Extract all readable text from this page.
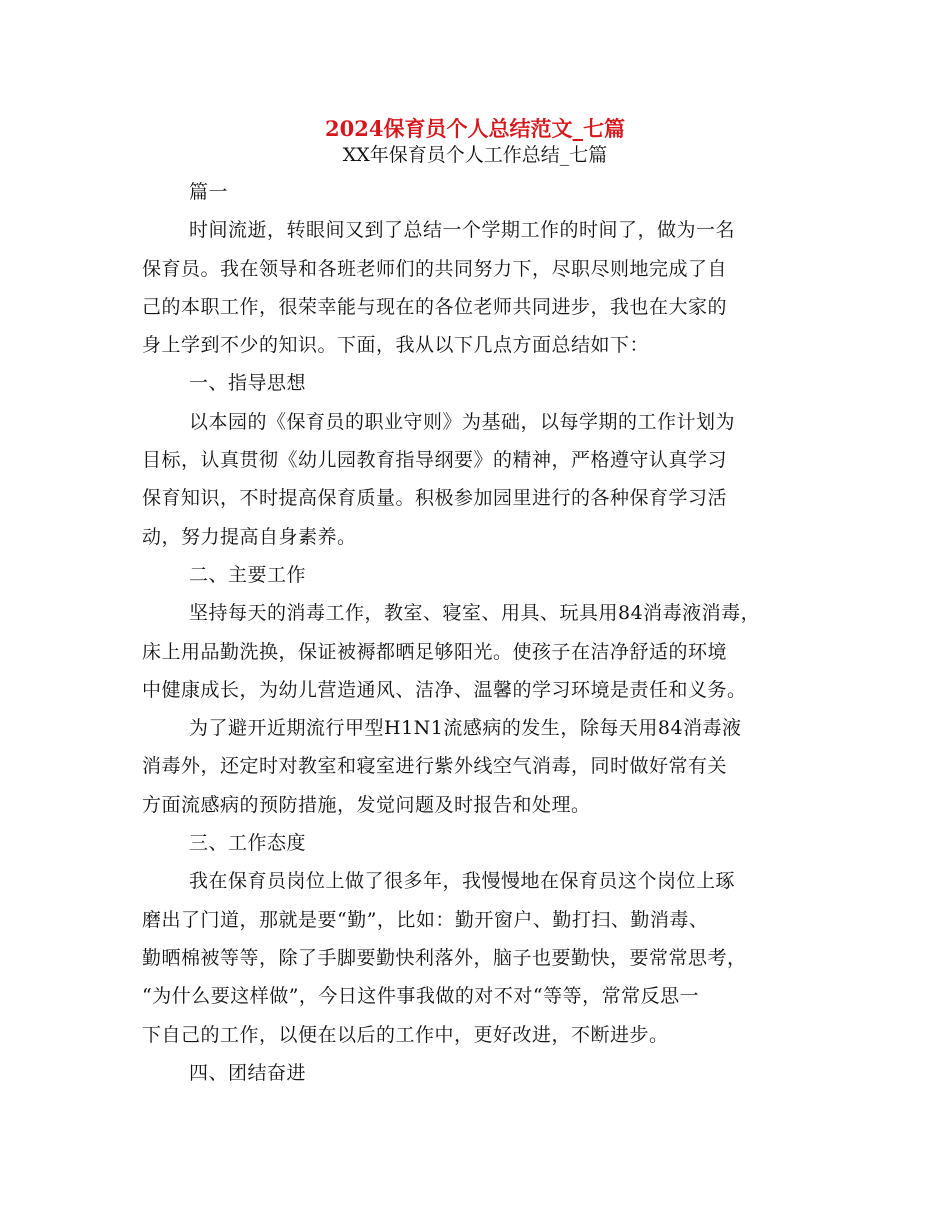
2024保育员个人总结范文_七篇
XX年保育员个人工作总结_七篇
篇一
时间流逝，转眼间又到了总结一个学期工作的时间了，做为一名
保育员。我在领导和各班老师们的共同努力下，尽职尽则地完成了自
己的本职工作，很荣幸能与现在的各位老师共同进步，我也在大家的
身上学到不少的知识。下面，我从以下几点方面总结如下：
一、指导思想
以本园的《保育员的职业守则》为基础，以每学期的工作计划为
目标，认真贯彻《幼儿园教育指导纲要》的精神，严格遵守认真学习
保育知识，不时提高保育质量。积极参加园里进行的各种保育学习活
动，努力提高自身素养。
二、主要工作
坚持每天的消毒工作，教室、寝室、用具、玩具用84消毒液消毒，
床上用品勤洗换，保证被褥都晒足够阳光。使孩子在洁净舒适的环境
中健康成长，为幼儿营造通风、洁净、温馨的学习环境是责任和义务。
为了避开近期流行甲型H1N1流感病的发生，除每天用84消毒液
消毒外，还定时对教室和寝室进行紫外线空气消毒，同时做好常有关
方面流感病的预防措施，发觉问题及时报告和处理。
三、工作态度
我在保育员岗位上做了很多年，我慢慢地在保育员这个岗位上琢
磨出了门道，那就是要“勤”，比如：勤开窗户、勤打扫、勤消毒、
勤晒棉被等等，除了手脚要勤快利落外，脑子也要勤快，要常常思考，
“为什么要这样做”，今日这件事我做的对不对“等等，常常反思一
下自己的工作，以便在以后的工作中，更好改进，不断进步。
四、团结奋进
